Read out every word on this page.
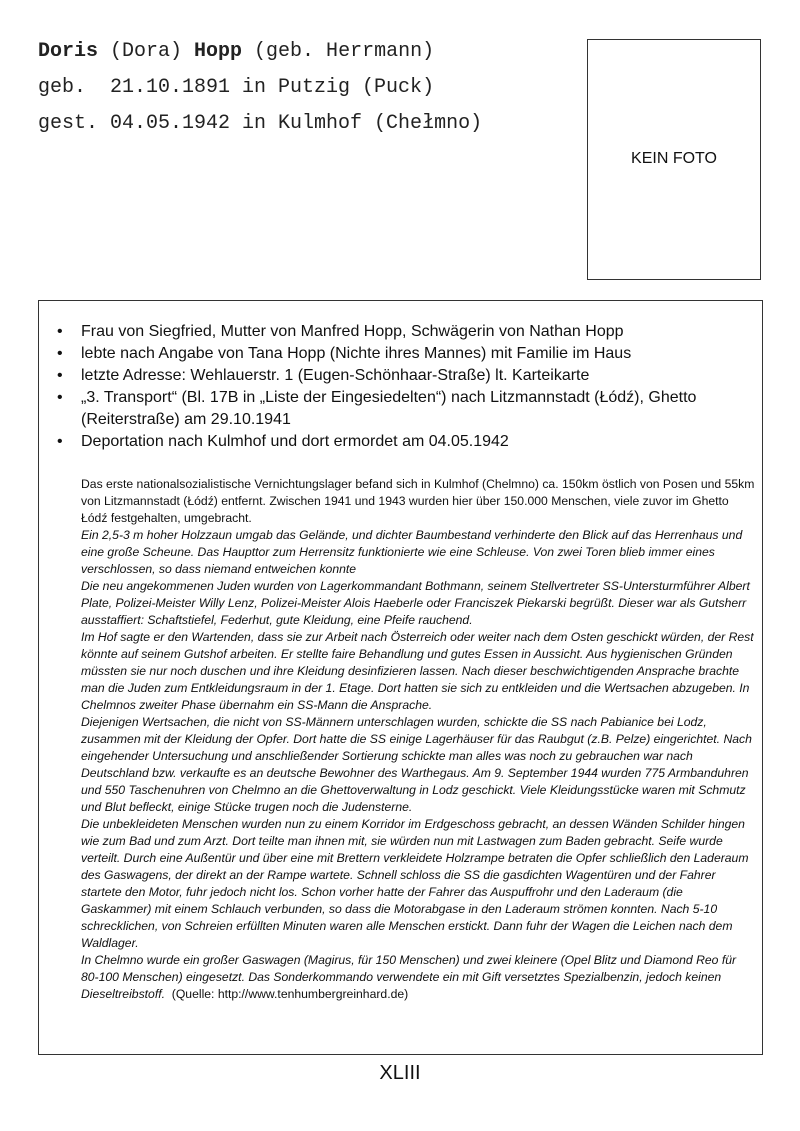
Doris (Dora) Hopp (geb. Herrmann)
geb.  21.10.1891 in Putzig (Puck)
gest. 04.05.1942 in Kulmhof (Chełmno)
KEIN FOTO
• Frau von Siegfried, Mutter von Manfred Hopp, Schwägerin von Nathan Hopp
• lebte nach Angabe von Tana Hopp (Nichte ihres Mannes) mit Familie im Haus
• letzte Adresse: Wehlauerstr. 1 (Eugen-Schönhaar-Straße) lt. Karteikarte
• „3. Transport“ (Bl. 17B in „Liste der Eingesiedelten“) nach Litzmannstadt (Łódź), Ghetto (Reiterstraße) am 29.10.1941
• Deportation nach Kulmhof und dort ermordet am 04.05.1942

Das erste nationalsozialistische Vernichtungslager befand sich in Kulmhof (Chelmno) ca. 150km östlich von Posen und 55km von Litzmannstadt (Łódź) entfernt. Zwischen 1941 und 1943 wurden hier über 150.000 Menschen, viele zuvor im Ghetto Łódź festgehalten, umgebracht.

Ein 2,5-3 m hoher Holzzaun umgab das Gelände, und dichter Baumbestand verhinderte den Blick auf das Herrenhaus und eine große Scheune. Das Haupttor zum Herrensitz funktionierte wie eine Schleuse. Von zwei Toren blieb immer eines verschlossen, so dass niemand entweichen konnte

Die neu angekommenen Juden wurden von Lagerkommandant Bothmann, seinem Stellvertreter SS-Untersturmführer Albert Plate, Polizei-Meister Willy Lenz, Polizei-Meister Alois Haeberle oder Franciszek Piekarski begrüßt. Dieser war als Gutsherr ausstaffiert: Schaftstiefel, Federhut, gute Kleidung, eine Pfeife rauchend.

Im Hof sagte er den Wartenden, dass sie zur Arbeit nach Österreich oder weiter nach dem Osten geschickt würden, der Rest könnte auf seinem Gutshof arbeiten. Er stellte faire Behandlung und gutes Essen in Aussicht. Aus hygienischen Gründen müssten sie nur noch duschen und ihre Kleidung desinfizieren lassen. Nach dieser beschwichtigenden Ansprache brachte man die Juden zum Entkleidungsraum in der 1. Etage. Dort hatten sie sich zu entkleiden und die Wertsachen abzugeben. In Chelmnos zweiter Phase übernahm ein SS-Mann die Ansprache.

Diejenigen Wertsachen, die nicht von SS-Männern unterschlagen wurden, schickte die SS nach Pabianice bei Lodz, zusammen mit der Kleidung der Opfer. Dort hatte die SS einige Lagerhäuser für das Raubgut (z.B. Pelze) eingerichtet. Nach eingehender Untersuchung und anschließender Sortierung schickte man alles was noch zu gebrauchen war nach Deutschland bzw. verkaufte es an deutsche Bewohner des Warthegaus. Am 9. September 1944 wurden 775 Armbanduhren und 550 Taschenuhren von Chelmno an die Ghettoverwaltung in Lodz geschickt. Viele Kleidungsstücke waren mit Schmutz und Blut befleckt, einige Stücke trugen noch die Judensterne.

Die unbekleideten Menschen wurden nun zu einem Korridor im Erdgeschoss gebracht, an dessen Wänden Schilder hingen wie zum Bad und zum Arzt. Dort teilte man ihnen mit, sie würden nun mit Lastwagen zum Baden gebracht. Seife wurde verteilt. Durch eine Außentür und über eine mit Brettern verkleidete Holzrampe betraten die Opfer schließlich den Laderaum des Gaswagens, der direkt an der Rampe wartete. Schnell schloss die SS die gasdichten Wagentüren und der Fahrer startete den Motor, fuhr jedoch nicht los. Schon vorher hatte der Fahrer das Auspuffrohr und den Laderaum (die Gaskammer) mit einem Schlauch verbunden, so dass die Motorabgase in den Laderaum strömen konnten. Nach 5-10 schrecklichen, von Schreien erfüllten Minuten waren alle Menschen erstickt. Dann fuhr der Wagen die Leichen nach dem Waldlager.

In Chelmno wurde ein großer Gaswagen (Magirus, für 150 Menschen) und zwei kleinere (Opel Blitz und Diamond Reo für 80-100 Menschen) eingesetzt. Das Sonderkommando verwendete ein mit Gift versetztes Spezialbenzin, jedoch keinen Dieseltreibstoff.  (Quelle: http://www.tenhumbergreinhard.de)

XLIII
